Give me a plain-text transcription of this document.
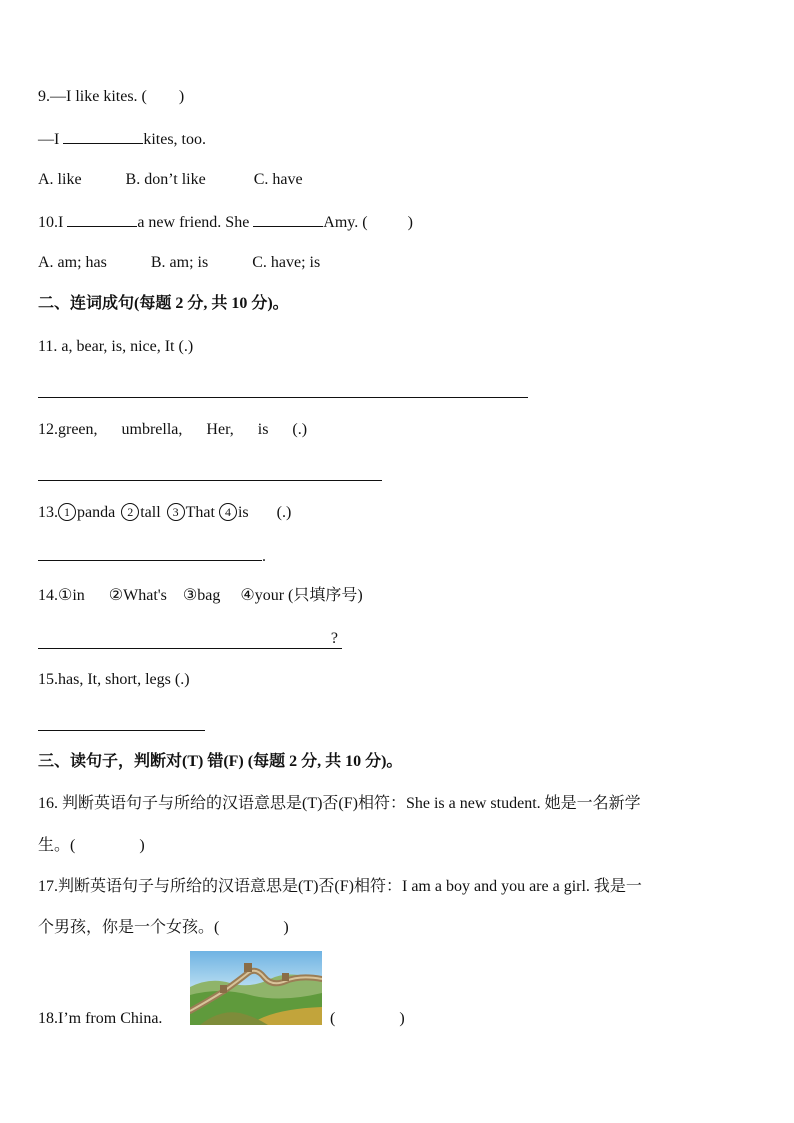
9.—I like kites. (　　)
—I	kites, too.
A. like	B. don’t like	C. have
10.I	a new friend. She	Amy. (	)
A. am; has	B. am; is	C. have; is
二、连词成句(每题 2 分, 共 10 分)。
11. a, bear, is, nice, It (.)
12.green, umbrella, Her, is (.)
13. 1 panda 2 tall 3 That 4 is (.)
.
14.①in ②What's ③bag ④your (只填序号)
?
15.has, It, short, legs (.)
三、读句子，判断对(T) 错(F) (每题 2 分, 共 10 分)。
16. 判断英语句子与所给的汉语意思是(T)否(F)相符：She is a new student. 她是一名新学
生。(　　　　)
17.判断英语句子与所给的汉语意思是(T)否(F)相符：I am a boy and you are a girl. 我是一
个男孩，你是一个女孩。(　　　　)
18.I’m from China.	(　　　　)
